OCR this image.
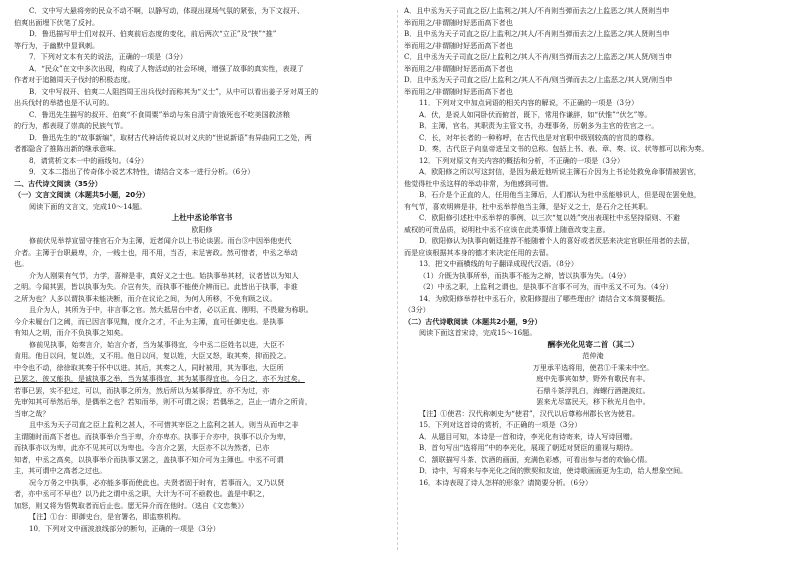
C．文中写大悬将旁的民众不动不啊，以静写动，体现出现场气氛的紧张，为下文叔开、
伯爽出面埋下伏笔了反衬。
D．鲁迅描写甲士们对叔开、伯爽前后态度的变化，前后两次“立正”及“挟”“推”
等行为，于幽默中显讽刺。
7．下列对文本有关的说法，正确的一项是（3分）
A．“民众”在文中多次出现，构成了人物活动的社会环境，增强了故事的真实性，表现了
作者对于追随周天子伐纣的积极态度。
B．文中写叔开、伯爽二人阻挡周王出兵伐纣而称其为“义士”，从中可以看出姜子牙对周王的
出兵伐纣的举措也是不认可的。
C．鲁迅先生描写的叔开、伯爽“不食周粟”举动与朱自清宁肯饿死也不吃美国救济粮
的行为，都表现了崇高的民族气节。
D．鲁迅先生的“故事新编”，取材古代神话传说以对义庆的“世说新语”有异曲同工之处，两
者都隐含了推陈出新的继承意味。
8．请赏析文本一中的画线句。（4分）
9．文本二指出了传奇体小说艺术特性，请结合文本一进行分析。（6分）
二、古代诗文阅读（35分）
（一）文言文阅读（本题共5小题，20分）
阅读下面的文言文，完成10～14题。
上杜中丞论举官书
欧阳修
修前伏见举荐宣留守推官石介为主簿，近者闻介以上书论谈罢。而台③中因举他吏代
介者。主簿于台职最卑，介，一贱士也，用不用，当否，未足害政。然可惜者，中丞之举动
也。
介为人刚果有气节，力学，喜辩是非，真好义之士也。始执事举其材，议者皆以为知人
之明。今闻其罢，皆以执事为失。介岂有失，而执事不能使介辨而已。此皆出于执事，非谁
之所为也？人多以谓执事未能决断，而介在议论之间，为何人所移，不免有顾之议。
且介为人，其所为于中，非言事之官。然大抵居台中者，必以正直、刚明、不畏避为称职。
今介未履台门之阈，而已因言事见黜，度介之才，不止为主簿，直可任御史也。是执事
有知人之明，而介不负执事之知矣。
修前见执事，始奏言介，始言介者，当为某事得宜，今中丞二臣姓名以进，大臣不
肯用。他日以问，复以姓，又不用。他日以问，复以姓，大臣又怒，取其奏，抑而投之。
中令也不动，徐徐取其奏于怀中以进。其后，其奏之人，同时被用，其为事也，大臣所
已罢之，彼又能执，是诚执事之举，当为某事得宜，其为某事得宜也。今日之，亦不为过矣。
若事已罢，实不犯过，可以，而执事之所为，然后所以为某事得宜，亦不为过，亦
先审知其可举然后举，是偶举之也？若知而举，则不可谓之误；若偶举之，岂止一请介之所肯，
当审之哉？
且中丞为天子司直之臣上监利之甚人，不可惜其宰臣之上监利之甚人，则当从而申之非
主谓随时而高下者也。而执事举介当于卑，介亦卑亦。执事于介亦中，执事不以介为卑，
而执事亦以为卑，此亦不见其可以为卑也。今言介之罢，大臣亦不以为然者，已亦
知者，中丞之高矣，以执事举介而执事又罢之，盖执事不知介可为主簿也。中丞不可谓
主，其可谓中之高者之过也。
况今万务之中执事，必亦能多事而使此也。夫贤者固于时有，若事而入，又乃以贤
者，亦中丞可不早也？以乃此之谓中丞之职，大计为不可不亟救也。盖是中职之，
加怒，则又将为悟隽取者而后止也。愿无异介而在他时。（选自《文忠集》）
【注】①台：即御史台，是官署名，即监察机构。
10．下列对文中画波浪线部分的断句，正确的一项是（3分）
A．且中丞为天子司直之臣/上监利之/其人/不肖则当弹而去之/上监恶之/其人贤则当申
举而用之/非谓随时好恶而高下者也
B．且中丞为天子司直之臣/上监利之/其人/不肖则当弹而去之/上监恶之/其人贤则当申
举而用之/非谓随时好恶而高下者也
C．且中丞为天子司直之臣/上监利之/其人不肖/则当弹而去之/上监恶之/其人贤/则当申
举而用之/非谓随时好恶而高下者也
D．且中丞为天子司直之臣/上监利之/其人不肖/则当弹而去之/上监恶之/其人贤/则当申
举而用之/非谓随时好恶而高下者也
11．下列对文中加点词语的相关内容的解说，不正确的一项是（3分）
A．伏，是说人如同卧伏而俯首，既下，常用作谦辞，如“伏惟”“伏乞”等。
B．主簿，官名，其职责为主管文书，办理事务，历朝多为主官的佐官之一。
C．长，对年长者的一种称呼，在古代也是对官职中级别较高的官员的尊称。
D．奏，古代臣子向皇帝进呈文书的总称。包括上书、表、章、奏、议、状等都可以称为奏。
12．下列对原文有关内容的概括和分析，不正确的一项是（3分）
A．欧阳修之所以写这封信，是因为最近他听说主簿石介因为上书论处救免命事情被罢官，
他觉得杜中丞这样的举动非常，为他感到可惜。
B．石介是个正直的人，任用他当主簿后，人们都认为杜中丞能够识人，但是现在罢免他，
有气节，喜欢明辨是非，杜中丞举荐他当主簿，是好义之士，是石介之任其职。
C．欧阳修引述杜中丞举荐的事例，以三次“复以姓”突出表现杜中丞坚持原则、不避
威权的可贵品质，说明杜中丞不应该在此类事情上随意改变主意。
D．欧阳修认为执事向朝廷推荐不能随着个人的喜好或者厌恶来决定官职任用者的去留，
而是应该根据其本身的德才来决定任用的去留。
13．把文中画横线的句子翻译成现代汉语。（8分）
（1）介既为执事所举，而执事不能为之辩，皆以执事为失。（4分）
（2）中丞之职，上监利之谓也，是执事不言事不可为，而中丞又不可为。（4分）
14．为欧阳修举荐杜中丞石介，欧阳修提出了哪些理由？请结合文本简要概括。
（3分）
（二）古代诗歌阅读（本题共2小题，9分）
阅读下面这首宋诗，完成15～16题。
酬李光化见寄二首（其二）
范仲淹
万里承平选将用，使君①千乘未中空。
庭中先事宾如梦，野外有歌民有丰。
石鼎斗茶浮乳白，海螺行酒滟波红。
罢来尤尽富民天，移下秋光月色中。
【注】①使君：汉代称刺史为“使君”，汉代以后尊称州郡长官为使君。
15．下列对这首诗的赏析，不正确的一项是（3分）
A．从题目可知，本诗是一首和诗，李光化有诗寄来，诗人写诗回赠。
B．首句写出“选将用”中的李光化，展现了朝廷对贤臣的重视与期待。
C．颔联描写斗茶、饮酒的画面，充满色彩感，可看出参与者的欢愉心情。
D．诗中，写将来与李光化之间的默契和友谊，使诗歌画面更为生动，给人想象空间。
16．本诗表现了诗人怎样的形象？请简要分析。（6分）
